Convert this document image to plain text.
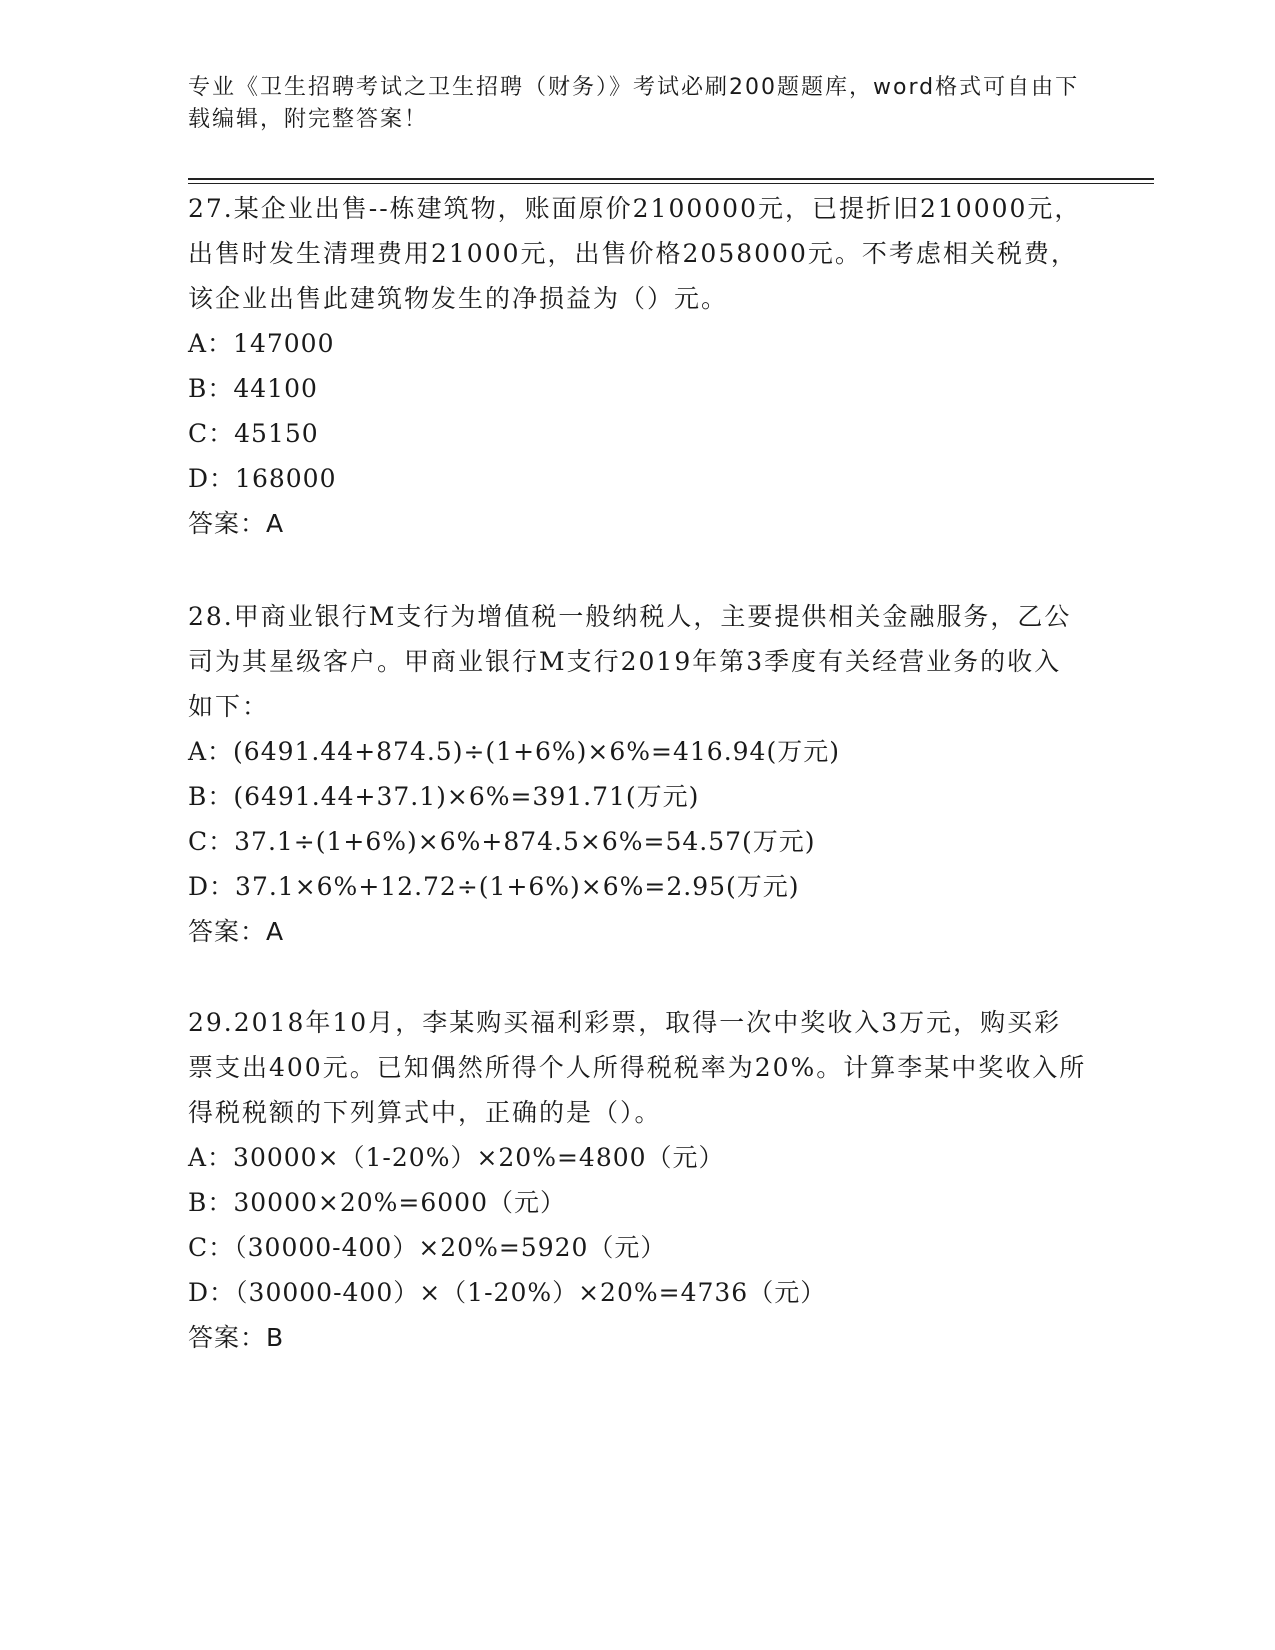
专业《卫生招聘考试之卫生招聘（财务）》考试必刷200题题库，word格式可自由下载编辑，附完整答案！

27.某企业出售--栋建筑物，账面原价2100000元，已提折旧210000元，出售时发生清理费用21000元，出售价格2058000元。不考虑相关税费，该企业出售此建筑物发生的净损益为（）元。

A：147000

B：44100

C：45150

D：168000

答案：A

28.甲商业银行M支行为增值税一般纳税人，主要提供相关金融服务，乙公司为其星级客户。甲商业银行M支行2019年第3季度有关经营业务的收入如下：

A：(6491.44+874.5)÷(1+6%)×6%=416.94(万元)

B：(6491.44+37.1)×6%=391.71(万元)

C：37.1÷(1+6%)×6%+874.5×6%=54.57(万元)

D：37.1×6%+12.72÷(1+6%)×6%=2.95(万元)

答案：A

29.2018年10月，李某购买福利彩票，取得一次中奖收入3万元，购买彩票支出400元。已知偶然所得个人所得税税率为20%。计算李某中奖收入所得税税额的下列算式中，正确的是（）。

A：30000×（1-20%）×20%=4800（元）

B：30000×20%=6000（元）

C：（30000-400）×20%=5920（元）

D：（30000-400）×（1-20%）×20%=4736（元）

答案：B
